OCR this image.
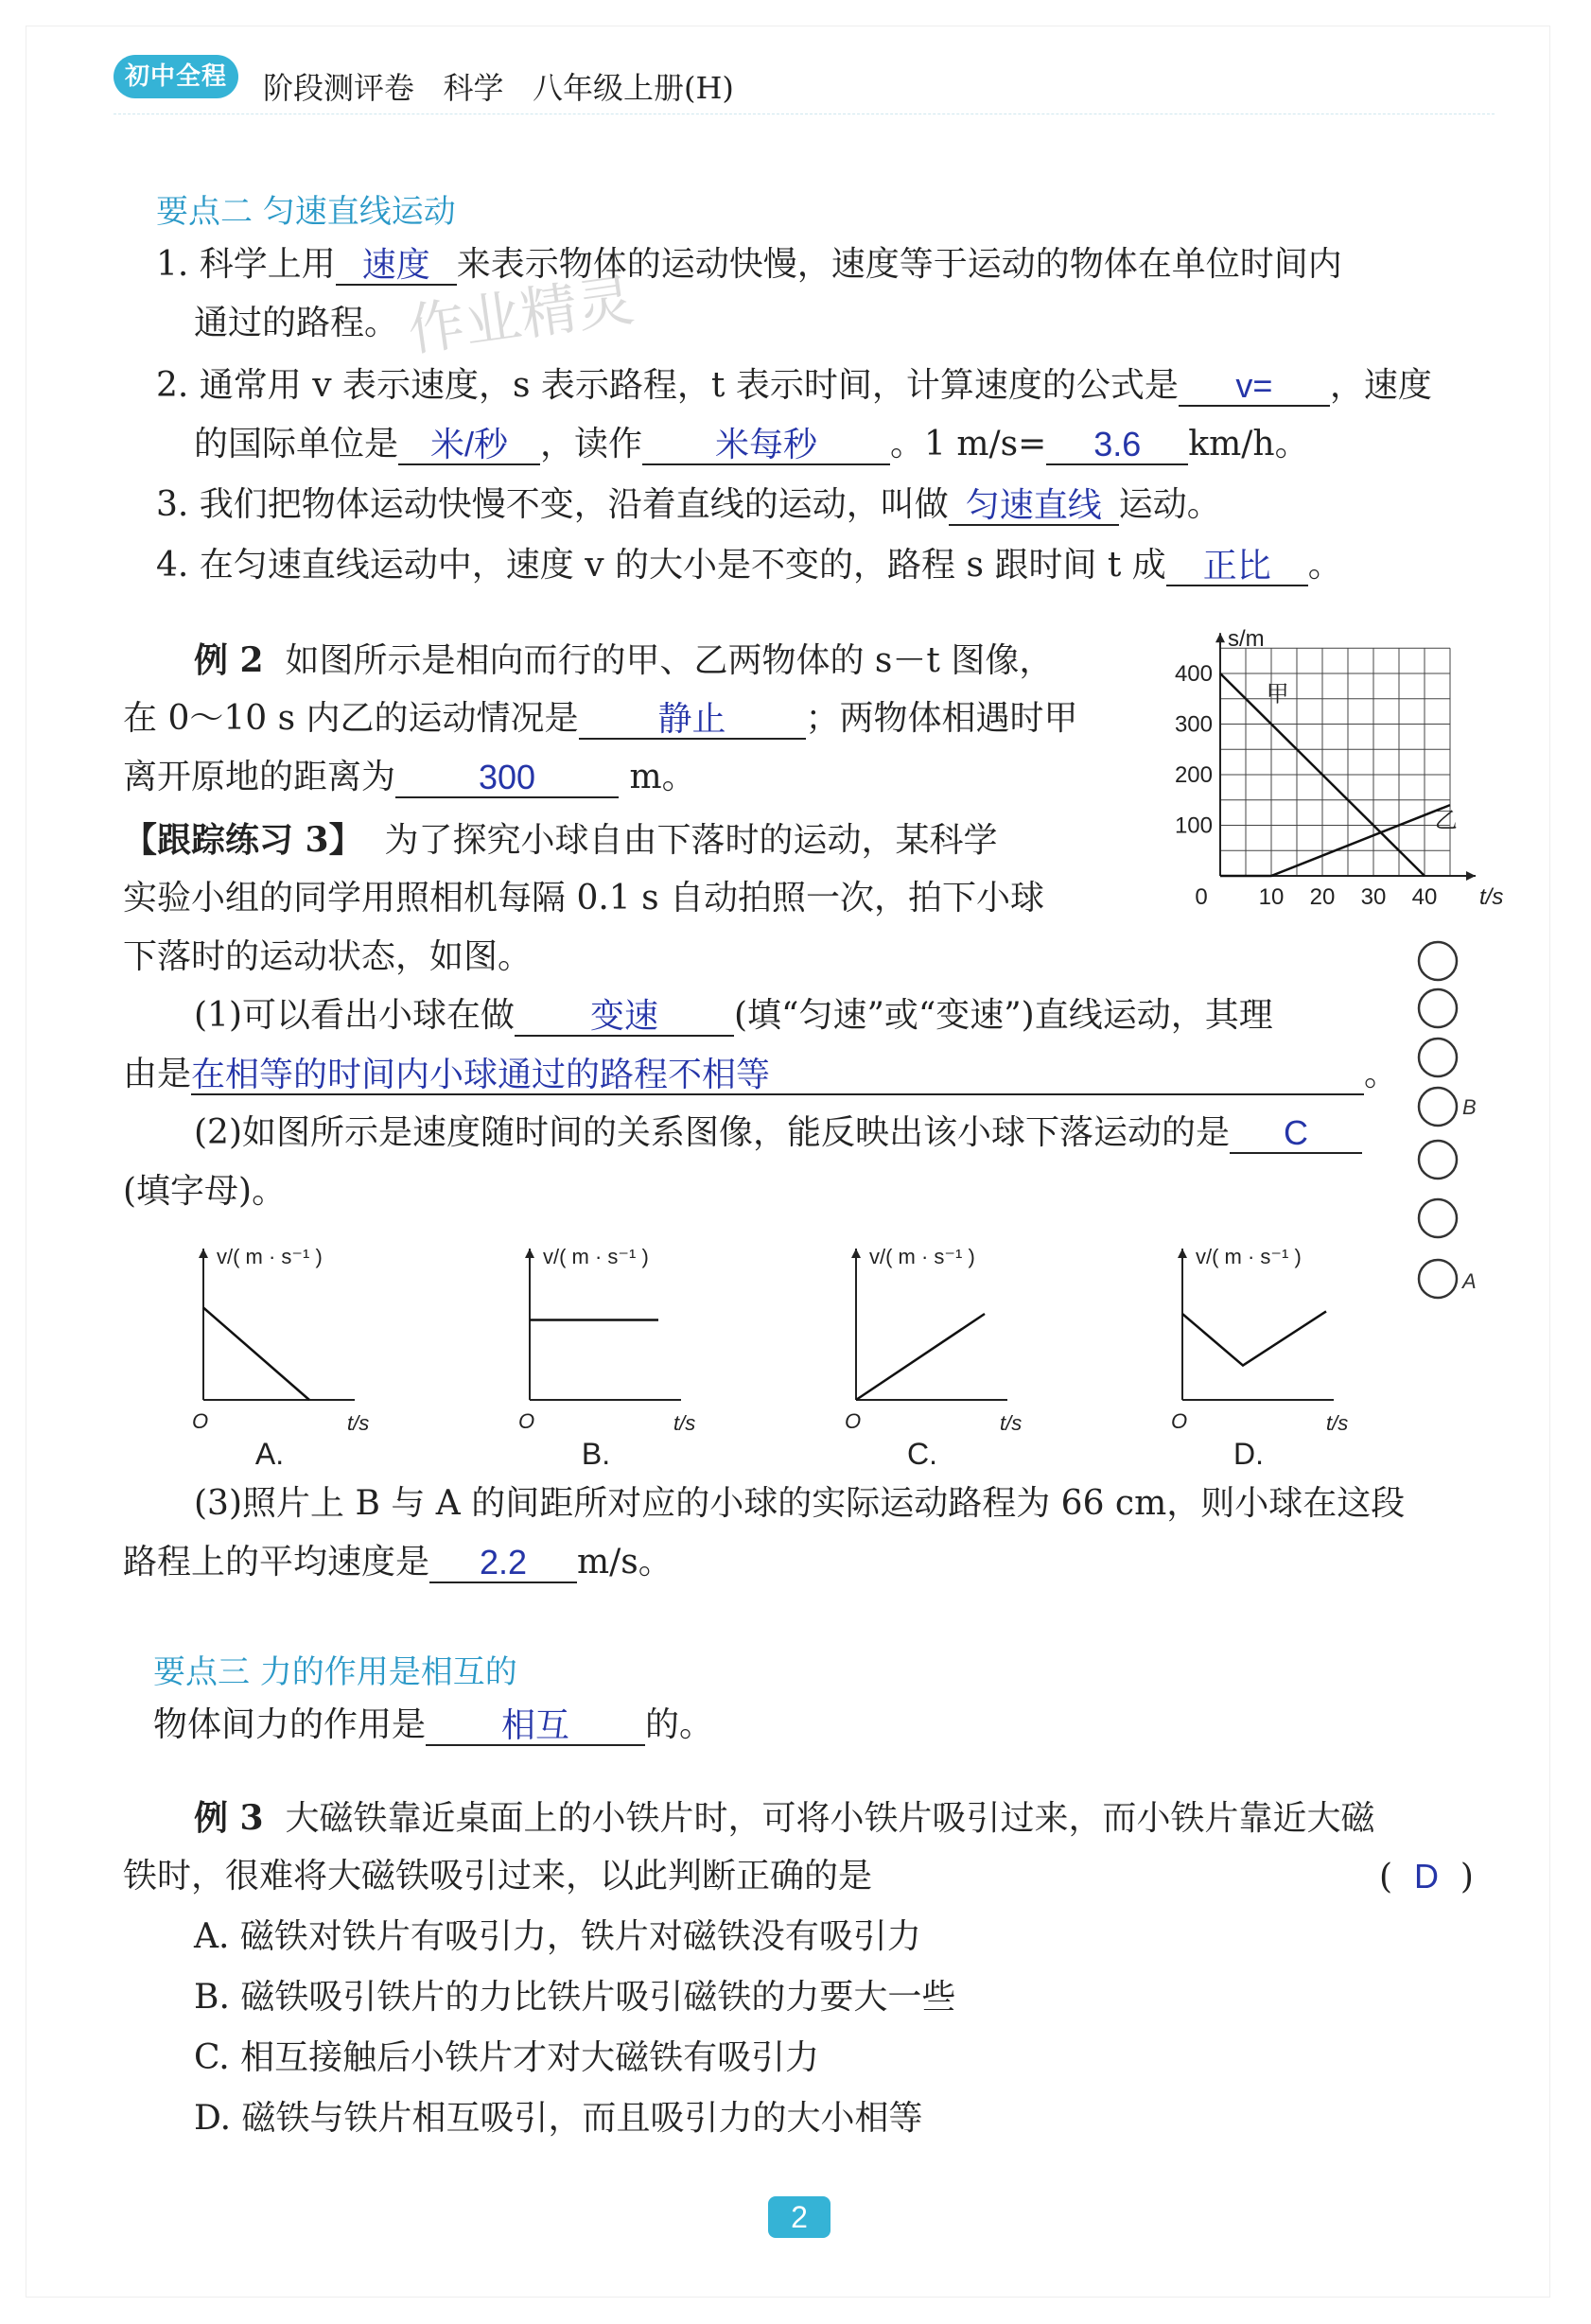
初中全程	阶段测评卷   科学   八年级上册(H)
要点二 匀速直线运动
1. 科学上用 速度 来表示物体的运动快慢，速度等于运动的物体在单位时间内
通过的路程。 作业精灵
2. 通常用 v 表示速度，s 表示路程，t 表示时间，计算速度的公式是 v= ，速度
的国际单位是 米/秒 ，读作 米每秒 。1 m/s= 3.6 km/h。
3. 我们把物体运动快慢不变，沿着直线的运动，叫做 匀速直线 运动。
4. 在匀速直线运动中，速度 v 的大小是不变的，路程 s 跟时间 t 成 正比 。
例 2 如图所示是相向而行的甲、乙两物体的 s－t 图像，
在 0～10 s 内乙的运动情况是 静止 ；两物体相遇时甲
离开原地的距离为 300	m。
0 10 20 30 40
100
200
300
400
s/m
t/s
甲
乙
【跟踪练习 3】 为了探究小球自由下落时的运动，某科学
实验小组的同学用照相机每隔 0.1 s 自动拍照一次，拍下小球
下落时的运动状态，如图。
(1)可以看出小球在做 变速 (填“匀速”或“变速”)直线运动，其理
由是在相等的时间内小球通过的路程不相等	。
B
A
(2)如图所示是速度随时间的关系图像，能反映出该小球下落运动的是 C
(填字母)。
v/( m · s⁻¹ )
t/s
O
A.
v/( m · s⁻¹ )
t/s
O
B.
v/( m · s⁻¹ )
t/s
O
C.
v/( m · s⁻¹ )
t/s
O
D.
(3)照片上 B 与 A 的间距所对应的小球的实际运动路程为 66 cm，则小球在这段
路程上的平均速度是 2.2 m/s。
要点三 力的作用是相互的
物体间力的作用是 相互 的。
例 3 大磁铁靠近桌面上的小铁片时，可将小铁片吸引过来，而小铁片靠近大磁
铁时，很难将大磁铁吸引过来，以此判断正确的是	( D )
A. 磁铁对铁片有吸引力，铁片对磁铁没有吸引力
B. 磁铁吸引铁片的力比铁片吸引磁铁的力要大一些
C. 相互接触后小铁片才对大磁铁有吸引力
D. 磁铁与铁片相互吸引，而且吸引力的大小相等
2
